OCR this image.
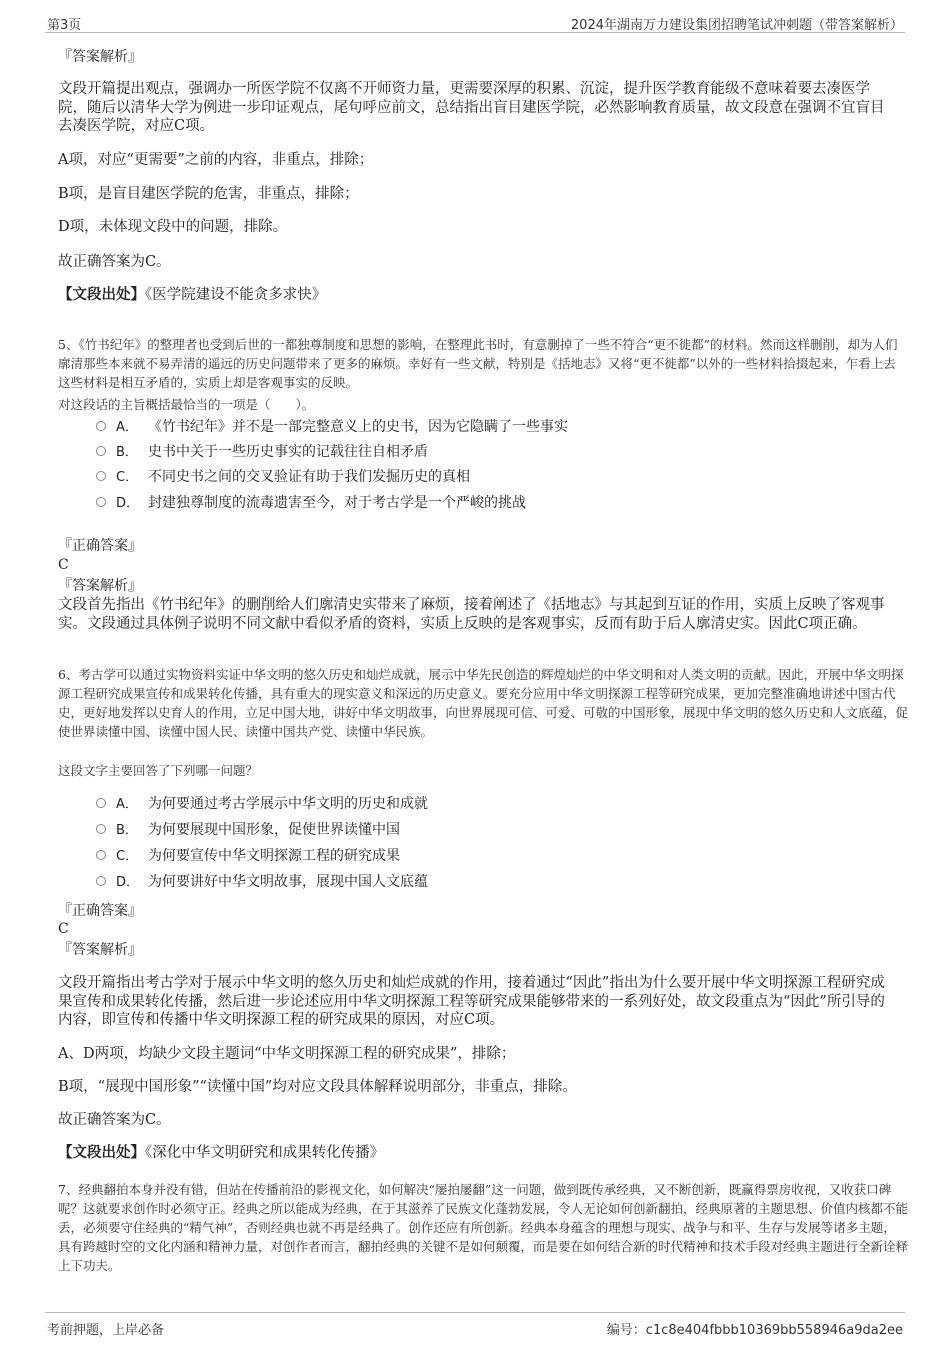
第3页	2024年湖南万力建设集团招聘笔试冲刺题（带答案解析）

『答案解析』

文段开篇提出观点，强调办一所医学院不仅离不开师资力量，更需要深厚的积累、沉淀，提升医学教育能级不意味着要去凑医学院，随后以清华大学为例进一步印证观点，尾句呼应前文，总结指出盲目建医学院，必然影响教育质量，故文段意在强调不宜盲目去凑医学院，对应C项。

A项，对应“更需要”之前的内容，非重点，排除；

B项，是盲目建医学院的危害，非重点，排除；

D项，未体现文段中的问题，排除。

故正确答案为C。

【文段出处】《医学院建设不能贪多求快》

5、《竹书纪年》的整理者也受到后世的一都独尊制度和思想的影响，在整理此书时，有意删掉了一些不符合“更不徙都”的材料。然而这样删削，却为人们廓清那些本来就不易弄清的遥远的历史问题带来了更多的麻烦。幸好有一些文献，特别是《括地志》又将“更不徙都”以外的一些材料拾掇起来，乍看上去这些材料是相互矛盾的，实质上却是客观事实的反映。

对这段话的主旨概括最恰当的一项是（　　）。

A． 《竹书纪年》并不是一部完整意义上的史书，因为它隐瞒了一些事实
B． 史书中关于一些历史事实的记载往往自相矛盾
C． 不同史书之间的交叉验证有助于我们发掘历史的真相
D． 封建独尊制度的流毒遗害至今，对于考古学是一个严峻的挑战

『正确答案』

C

『答案解析』

文段首先指出《竹书纪年》的删削给人们廓清史实带来了麻烦，接着阐述了《括地志》与其起到互证的作用，实质上反映了客观事实。文段通过具体例子说明不同文献中看似矛盾的资料，实质上反映的是客观事实，反而有助于后人廓清史实。因此C项正确。

6、考古学可以通过实物资料实证中华文明的悠久历史和灿烂成就，展示中华先民创造的辉煌灿烂的中华文明和对人类文明的贡献。因此，开展中华文明探源工程研究成果宣传和成果转化传播，具有重大的现实意义和深远的历史意义。要充分应用中华文明探源工程等研究成果，更加完整准确地讲述中国古代史，更好地发挥以史育人的作用，立足中国大地，讲好中华文明故事，向世界展现可信、可爱、可敬的中国形象，展现中华文明的悠久历史和人文底蕴，促使世界读懂中国、读懂中国人民、读懂中国共产党、读懂中华民族。

这段文字主要回答了下列哪一问题？

A． 为何要通过考古学展示中华文明的历史和成就
B． 为何要展现中国形象，促使世界读懂中国
C． 为何要宣传中华文明探源工程的研究成果
D． 为何要讲好中华文明故事，展现中国人文底蕴

『正确答案』

C

『答案解析』

文段开篇指出考古学对于展示中华文明的悠久历史和灿烂成就的作用，接着通过“因此”指出为什么要开展中华文明探源工程研究成果宣传和成果转化传播，然后进一步论述应用中华文明探源工程等研究成果能够带来的一系列好处，故文段重点为“因此”所引导的内容，即宣传和传播中华文明探源工程的研究成果的原因，对应C项。

A、D两项，均缺少文段主题词“中华文明探源工程的研究成果”，排除；

B项，“展现中国形象”“读懂中国”均对应文段具体解释说明部分，非重点，排除。

故正确答案为C。

【文段出处】《深化中华文明研究和成果转化传播》

7、经典翻拍本身并没有错，但站在传播前沿的影视文化，如何解决“屡拍屡翻”这一问题，做到既传承经典，又不断创新，既赢得票房收视，又收获口碑呢？这就要求创作时必须守正。经典之所以能成为经典，在于其滋养了民族文化蓬勃发展，令人无论如何创新翻拍，经典原著的主题思想、价值内核都不能丢，必须要守住经典的“精气神”，否则经典也就不再是经典了。创作还应有所创新。经典本身蕴含的理想与现实、战争与和平、生存与发展等诸多主题，具有跨越时空的文化内涵和精神力量，对创作者而言，翻拍经典的关键不是如何颠覆，而是要在如何结合新的时代精神和技术手段对经典主题进行全新诠释上下功夫。

考前押题，上岸必备	编号：c1c8e404fbbb10369bb558946a9da2ee
